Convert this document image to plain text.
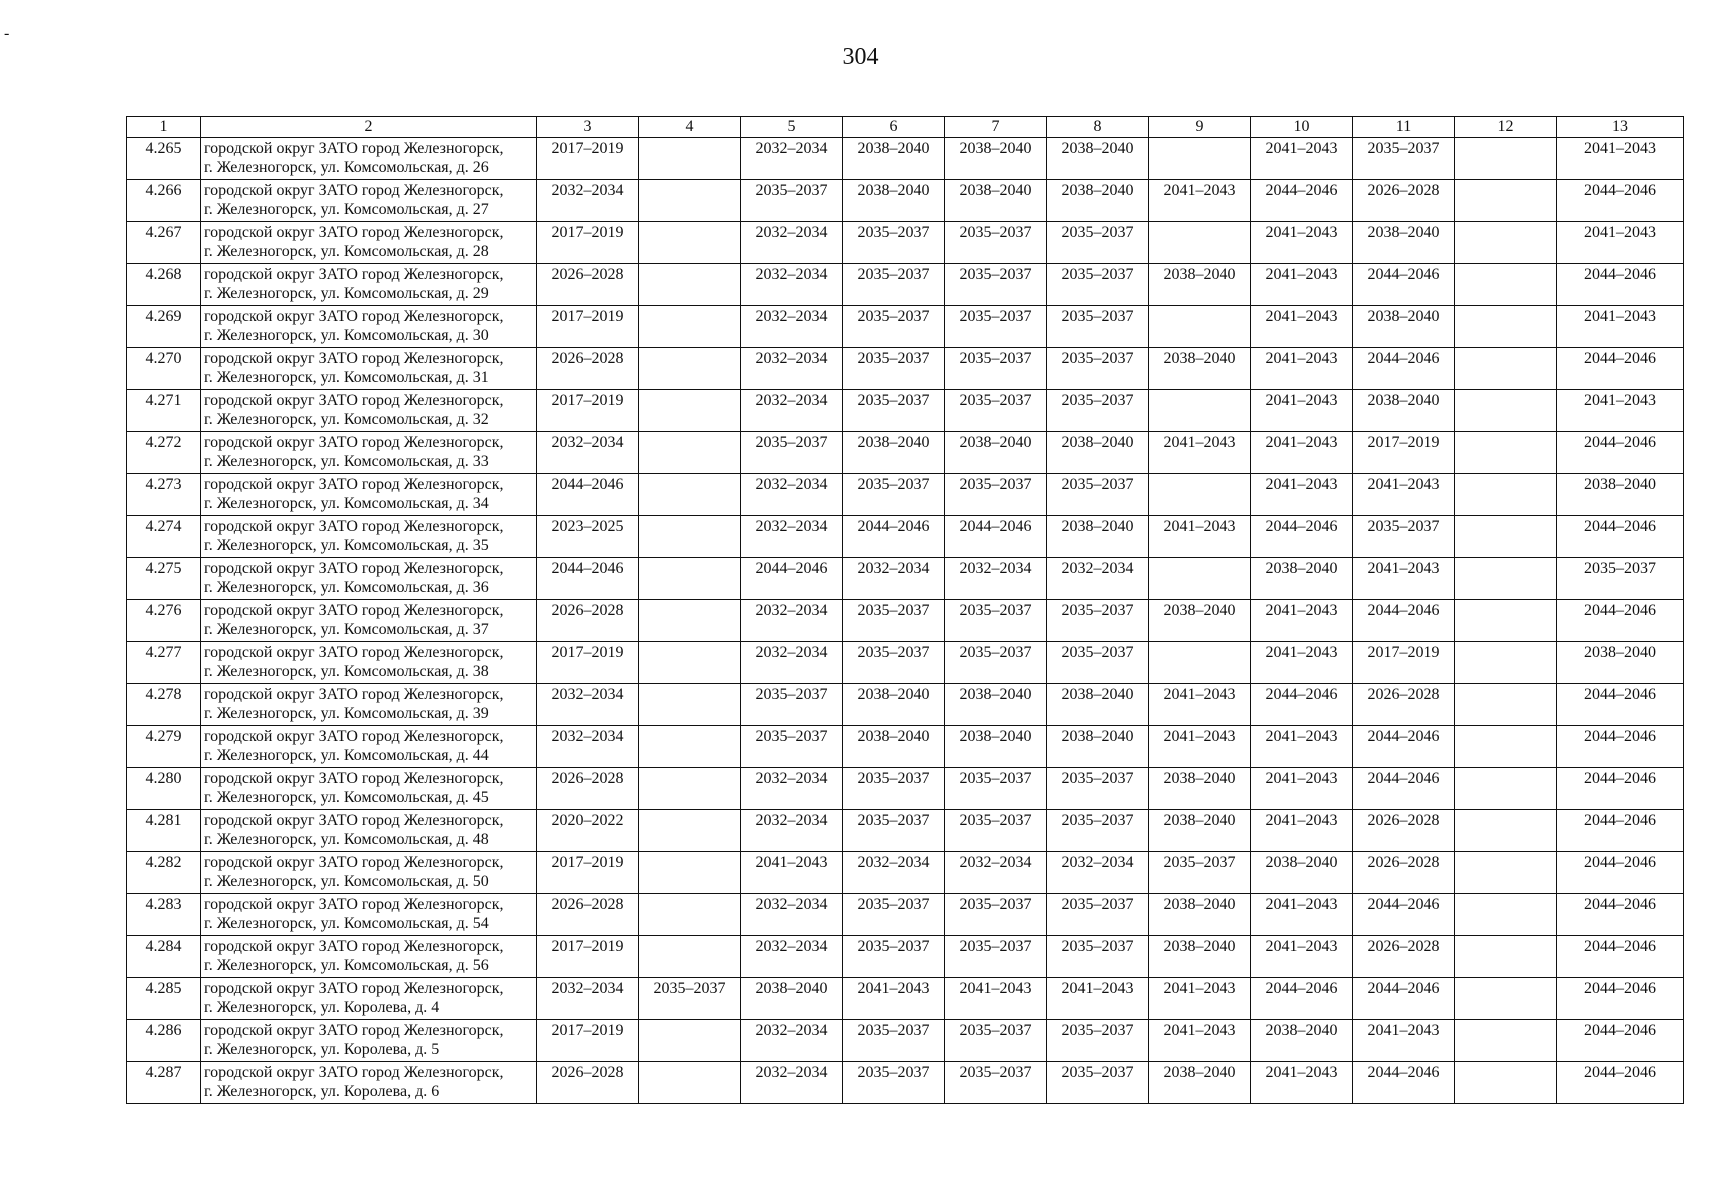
-
304
1	2	3	4	5	6	7	8	9	10	11	12	13
4.265	городской округ ЗАТО город Железногорск,
г. Железногорск, ул. Комсомольская, д. 26	2017–2019		2032–2034	2038–2040	2038–2040	2038–2040		2041–2043	2035–2037		2041–2043
4.266	городской округ ЗАТО город Железногорск,
г. Железногорск, ул. Комсомольская, д. 27	2032–2034		2035–2037	2038–2040	2038–2040	2038–2040	2041–2043	2044–2046	2026–2028		2044–2046
4.267	городской округ ЗАТО город Железногорск,
г. Железногорск, ул. Комсомольская, д. 28	2017–2019		2032–2034	2035–2037	2035–2037	2035–2037		2041–2043	2038–2040		2041–2043
4.268	городской округ ЗАТО город Железногорск,
г. Железногорск, ул. Комсомольская, д. 29	2026–2028		2032–2034	2035–2037	2035–2037	2035–2037	2038–2040	2041–2043	2044–2046		2044–2046
4.269	городской округ ЗАТО город Железногорск,
г. Железногорск, ул. Комсомольская, д. 30	2017–2019		2032–2034	2035–2037	2035–2037	2035–2037		2041–2043	2038–2040		2041–2043
4.270	городской округ ЗАТО город Железногорск,
г. Железногорск, ул. Комсомольская, д. 31	2026–2028		2032–2034	2035–2037	2035–2037	2035–2037	2038–2040	2041–2043	2044–2046		2044–2046
4.271	городской округ ЗАТО город Железногорск,
г. Железногорск, ул. Комсомольская, д. 32	2017–2019		2032–2034	2035–2037	2035–2037	2035–2037		2041–2043	2038–2040		2041–2043
4.272	городской округ ЗАТО город Железногорск,
г. Железногорск, ул. Комсомольская, д. 33	2032–2034		2035–2037	2038–2040	2038–2040	2038–2040	2041–2043	2041–2043	2017–2019		2044–2046
4.273	городской округ ЗАТО город Железногорск,
г. Железногорск, ул. Комсомольская, д. 34	2044–2046		2032–2034	2035–2037	2035–2037	2035–2037		2041–2043	2041–2043		2038–2040
4.274	городской округ ЗАТО город Железногорск,
г. Железногорск, ул. Комсомольская, д. 35	2023–2025		2032–2034	2044–2046	2044–2046	2038–2040	2041–2043	2044–2046	2035–2037		2044–2046
4.275	городской округ ЗАТО город Железногорск,
г. Железногорск, ул. Комсомольская, д. 36	2044–2046		2044–2046	2032–2034	2032–2034	2032–2034		2038–2040	2041–2043		2035–2037
4.276	городской округ ЗАТО город Железногорск,
г. Железногорск, ул. Комсомольская, д. 37	2026–2028		2032–2034	2035–2037	2035–2037	2035–2037	2038–2040	2041–2043	2044–2046		2044–2046
4.277	городской округ ЗАТО город Железногорск,
г. Железногорск, ул. Комсомольская, д. 38	2017–2019		2032–2034	2035–2037	2035–2037	2035–2037		2041–2043	2017–2019		2038–2040
4.278	городской округ ЗАТО город Железногорск,
г. Железногорск, ул. Комсомольская, д. 39	2032–2034		2035–2037	2038–2040	2038–2040	2038–2040	2041–2043	2044–2046	2026–2028		2044–2046
4.279	городской округ ЗАТО город Железногорск,
г. Железногорск, ул. Комсомольская, д. 44	2032–2034		2035–2037	2038–2040	2038–2040	2038–2040	2041–2043	2041–2043	2044–2046		2044–2046
4.280	городской округ ЗАТО город Железногорск,
г. Железногорск, ул. Комсомольская, д. 45	2026–2028		2032–2034	2035–2037	2035–2037	2035–2037	2038–2040	2041–2043	2044–2046		2044–2046
4.281	городской округ ЗАТО город Железногорск,
г. Железногорск, ул. Комсомольская, д. 48	2020–2022		2032–2034	2035–2037	2035–2037	2035–2037	2038–2040	2041–2043	2026–2028		2044–2046
4.282	городской округ ЗАТО город Железногорск,
г. Железногорск, ул. Комсомольская, д. 50	2017–2019		2041–2043	2032–2034	2032–2034	2032–2034	2035–2037	2038–2040	2026–2028		2044–2046
4.283	городской округ ЗАТО город Железногорск,
г. Железногорск, ул. Комсомольская, д. 54	2026–2028		2032–2034	2035–2037	2035–2037	2035–2037	2038–2040	2041–2043	2044–2046		2044–2046
4.284	городской округ ЗАТО город Железногорск,
г. Железногорск, ул. Комсомольская, д. 56	2017–2019		2032–2034	2035–2037	2035–2037	2035–2037	2038–2040	2041–2043	2026–2028		2044–2046
4.285	городской округ ЗАТО город Железногорск,
г. Железногорск, ул. Королева, д. 4	2032–2034	2035–2037	2038–2040	2041–2043	2041–2043	2041–2043	2041–2043	2044–2046	2044–2046		2044–2046
4.286	городской округ ЗАТО город Железногорск,
г. Железногорск, ул. Королева, д. 5	2017–2019		2032–2034	2035–2037	2035–2037	2035–2037	2041–2043	2038–2040	2041–2043		2044–2046
4.287	городской округ ЗАТО город Железногорск,
г. Железногорск, ул. Королева, д. 6	2026–2028		2032–2034	2035–2037	2035–2037	2035–2037	2038–2040	2041–2043	2044–2046		2044–2046
